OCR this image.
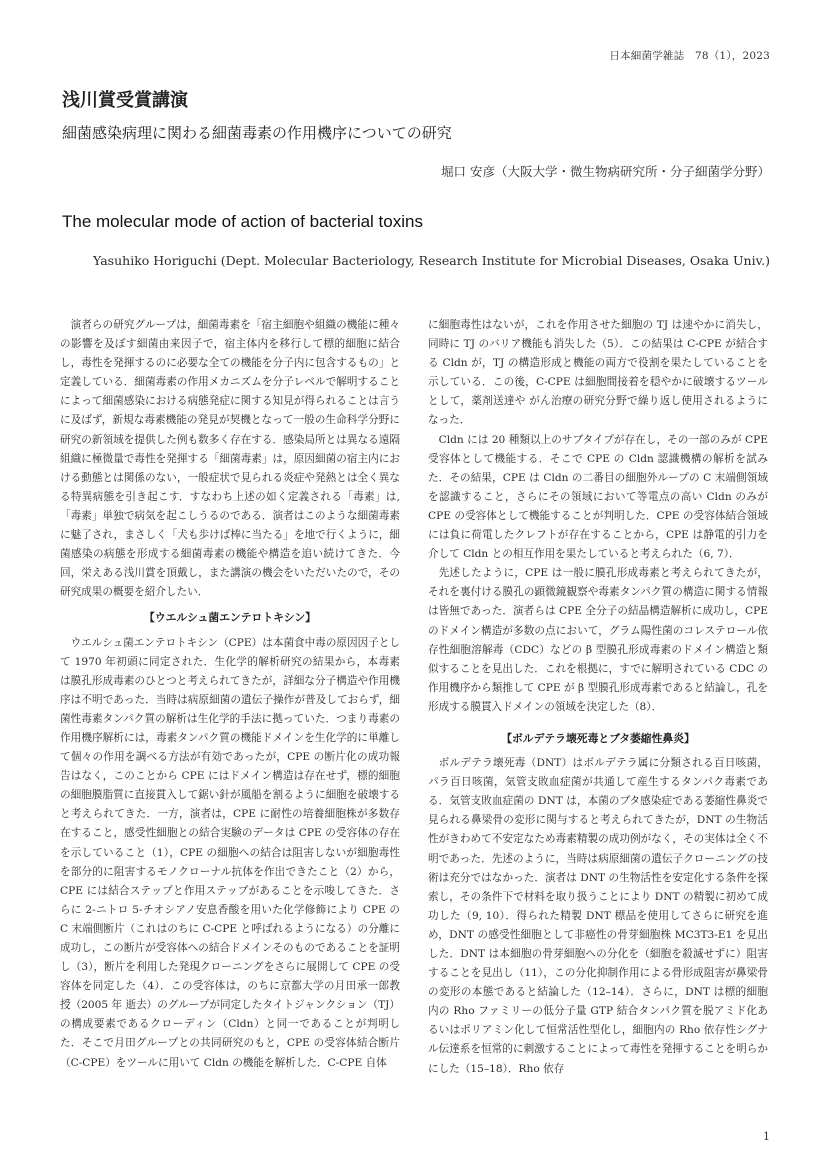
日本細菌学雑誌　78（1），2023
浅川賞受賞講演
細菌感染病理に関わる細菌毒素の作用機序についての研究
堀口 安彦（大阪大学・微生物病研究所・分子細菌学分野）
The molecular mode of action of bacterial toxins
Yasuhiko Horiguchi (Dept. Molecular Bacteriology, Research Institute for Microbial Diseases, Osaka Univ.)

演者らの研究グループは，細菌毒素を「宿主細胞や組織の機能に種々の影響を及ぼす細菌由来因子で，宿主体内を移行して標的細胞に結合し，毒性を発揮するのに必要な全ての機能を分子内に包含するもの」と定義している．細菌毒素の作用メカニズムを分子レベルで解明することによって細菌感染における病態発症に関する知見が得られることは言うに及ばず，新規な毒素機能の発見が契機となって一般の生命科学分野に研究の新領域を提供した例も数多く存在する．感染局所とは異なる遠隔組織に極微量で毒性を発揮する「細菌毒素」は，原因細菌の宿主内における動態とは関係のない，一般症状で見られる炎症や発熱とは全く異なる特異病態を引き起こす．すなわち上述の如く定義される「毒素」は,「毒素」単独で病気を起こしうるのである．演者はこのような細菌毒素に魅了され，まさしく「犬も歩けば棒に当たる」を地で行くように，細菌感染の病態を形成する細菌毒素の機能や構造を追い続けてきた．今回，栄えある浅川賞を頂戴し，また講演の機会をいただいたので，その研究成果の概要を紹介したい．

【ウエルシュ菌エンテロトキシン】

ウエルシュ菌エンテロトキシン（CPE）は本菌食中毒の原因因子として 1970 年初頭に同定された．生化学的解析研究の結果から，本毒素は膜孔形成毒素のひとつと考えられてきたが，詳細な分子構造や作用機序は不明であった．当時は病原細菌の遺伝子操作が普及しておらず，細菌性毒素タンパク質の解析は生化学的手法に拠っていた．つまり毒素の作用機序解析には，毒素タンパク質の機能ドメインを生化学的に単離して個々の作用を調べる方法が有効であったが，CPE の断片化の成功報告はなく，このことから CPE にはドメイン構造は存在せず，標的細胞の細胞膜脂質に直接貫入して鋸い針が風船を割るように細胞を破壊すると考えられてきた．一方，演者は，CPE に耐性の培養細胞株が多数存在すること，感受性細胞との結合実験のデータは CPE の受容体の存在を示していること（1），CPE の細胞への結合は阻害しないが細胞毒性を部分的に阻害するモノクローナル抗体を作出できたこと（2）から，CPE には結合ステップと作用ステップがあることを示唆してきた．さらに 2-ニトロ 5-チオシアノ安息香酸を用いた化学修飾により CPE の C 末端側断片（これはのちに C-CPE と呼ばれるようになる）の分離に成功し，この断片が受容体への結合ドメインそのものであることを証明し（3），断片を利用した発現クローニングをさらに展開して CPE の受容体を同定した（4）．この受容体は，のちに京都大学の月田承一郎教授（2005 年 逝去）のグループが同定したタイトジャンクション（TJ）の構成要素であるクローディン（Cldn）と同一であることが判明した．そこで月田グループとの共同研究のもと，CPE の受容体結合断片（C-CPE）をツールに用いて Cldn の機能を解析した．C-CPE 自体

に細胞毒性はないが，これを作用させた細胞の TJ は速やかに消失し，同時に TJ のバリア機能も消失した（5）．この結果は C-CPE が結合する Cldn が，TJ の構造形成と機能の両方で役割を果たしていることを示している．この後，C-CPE は細胞間接着を穏やかに破壊するツールとして，薬剤送達や がん治療の研究分野で繰り返し使用されるようになった．

Cldn には 20 種類以上のサブタイプが存在し，その一部のみが CPE 受容体として機能する．そこで CPE の Cldn 認識機構の解析を試みた．その結果，CPE は Cldn の二番目の細胞外ループの C 末端側領域を認識すること，さらにその領域において等電点の高い Cldn のみが CPE の受容体として機能することが判明した．CPE の受容体結合領域には負に荷電したクレフトが存在することから，CPE は静電的引力を介して Cldn との相互作用を果たしていると考えられた（6, 7）．

先述したように，CPE は一般に膜孔形成毒素と考えられてきたが，それを裏付ける膜孔の顕微鏡観察や毒素タンパク質の構造に関する情報は皆無であった．演者らは CPE 全分子の結晶構造解析に成功し，CPE のドメイン構造が多数の点において，グラム陽性菌のコレステロール依存性細胞溶解毒（CDC）などの β 型膜孔形成毒素のドメイン構造と類似することを見出した．これを根拠に，すでに解明されている CDC の作用機序から類推して CPE が β 型膜孔形成毒素であると結論し，孔を形成する膜貫入ドメインの領域を決定した（8）．

【ボルデテラ壊死毒とブタ萎縮性鼻炎】

ボルデテラ壊死毒（DNT）はボルデテラ属に分類される百日咳菌，パラ百日咳菌，気管支敗血症菌が共通して産生するタンパク毒素である．気管支敗血症菌の DNT は，本菌のブタ感染症である萎縮性鼻炎で見られる鼻梁骨の変形に関与すると考えられてきたが，DNT の生物活性がきわめて不安定なため毒素精製の成功例がなく，その実体は全く不明であった．先述のように，当時は病原細菌の遺伝子クローニングの技術は充分ではなかった．演者は DNT の生物活性を安定化する条件を探索し，その条件下で材料を取り扱うことにより DNT の精製に初めて成功した（9, 10）．得られた精製 DNT 標品を使用してさらに研究を進め，DNT の感受性細胞として非癌性の骨芽細胞株 MC3T3-E1 を見出した．DNT は本細胞の骨芽細胞への分化を（細胞を殺滅せずに）阻害することを見出し（11），この分化抑制作用による骨形成阻害が鼻梁骨の変形の本態であると結論した（12–14）．さらに，DNT は標的細胞内の Rho ファミリーの低分子量 GTP 結合タンパク質を脱アミド化あるいはポリアミン化して恒常活性型化し，細胞内の Rho 依存性シグナル伝達系を恒常的に刺激することによって毒性を発揮することを明らかにした（15–18）．Rho 依存

1
